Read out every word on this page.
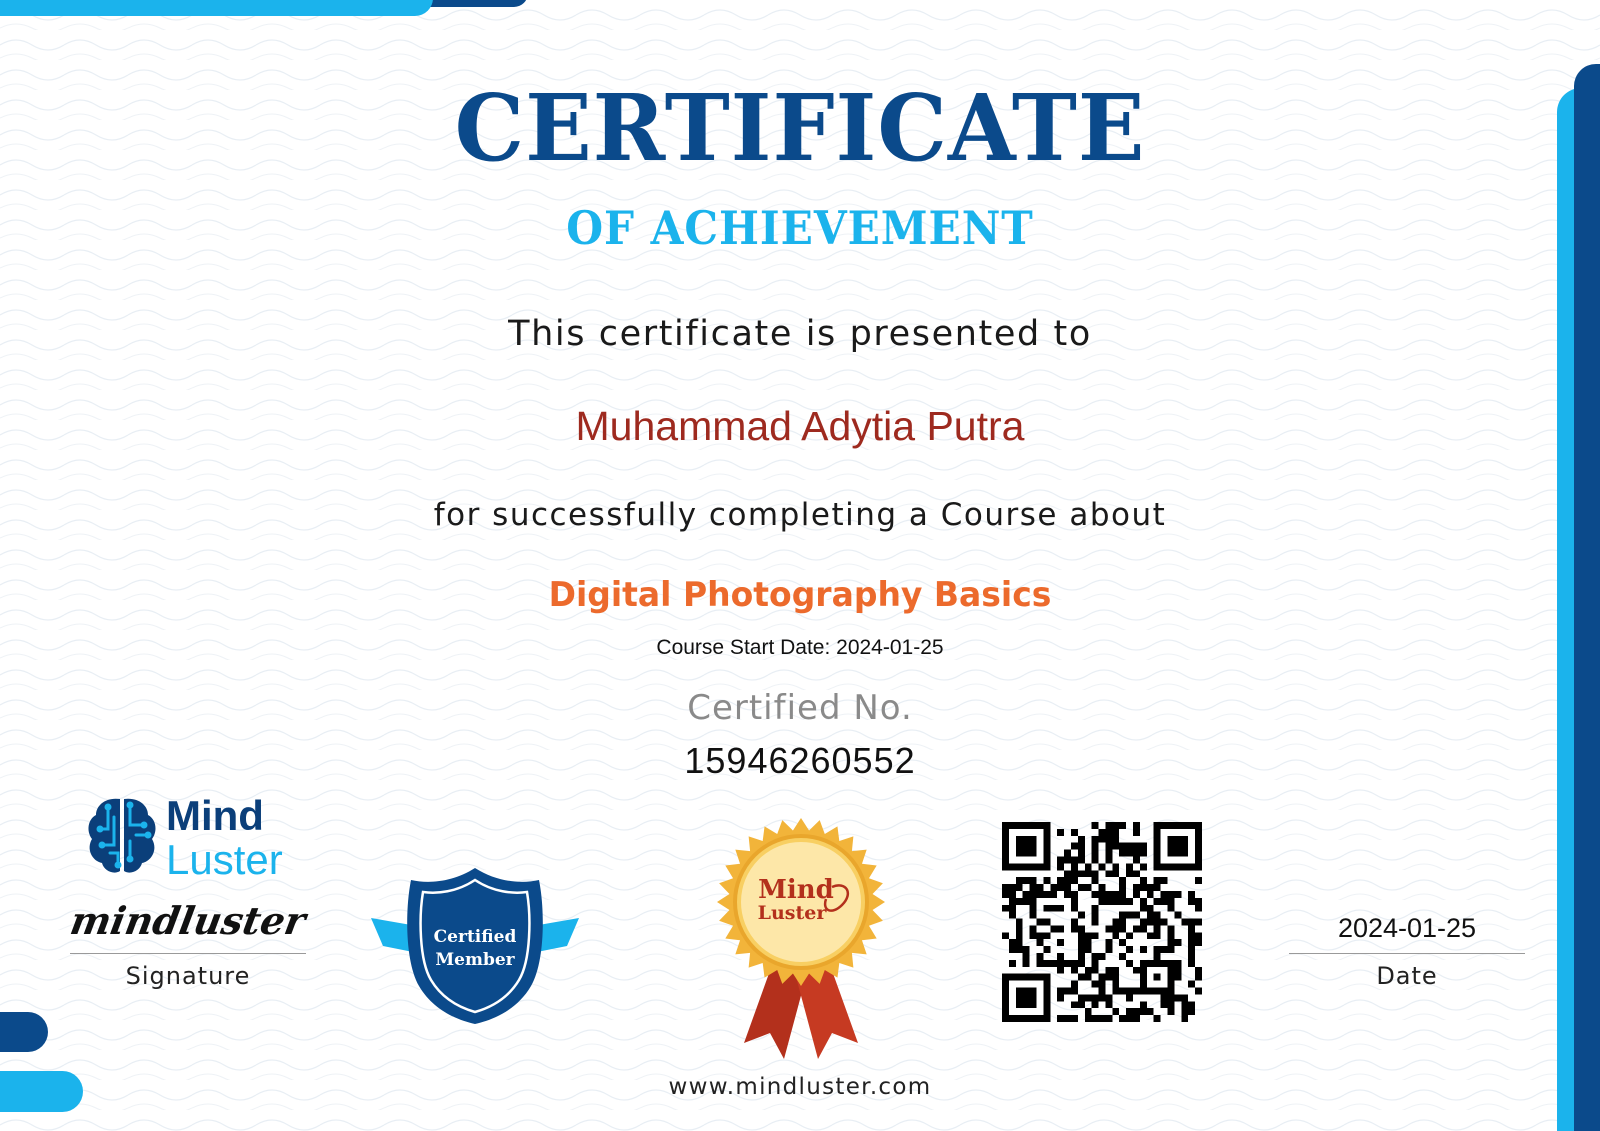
CERTIFICATE
OF ACHIEVEMENT
This certificate is presented to
Muhammad Adytia Putra
for successfully completing a Course about
Digital Photography Basics
Course Start Date: 2024-01-25
Certified No.
15946260552
Mind
Luster
mindluster
Signature
Certified
Member
Mind
Luster	2024-01-25
Date
www.mindluster.com
